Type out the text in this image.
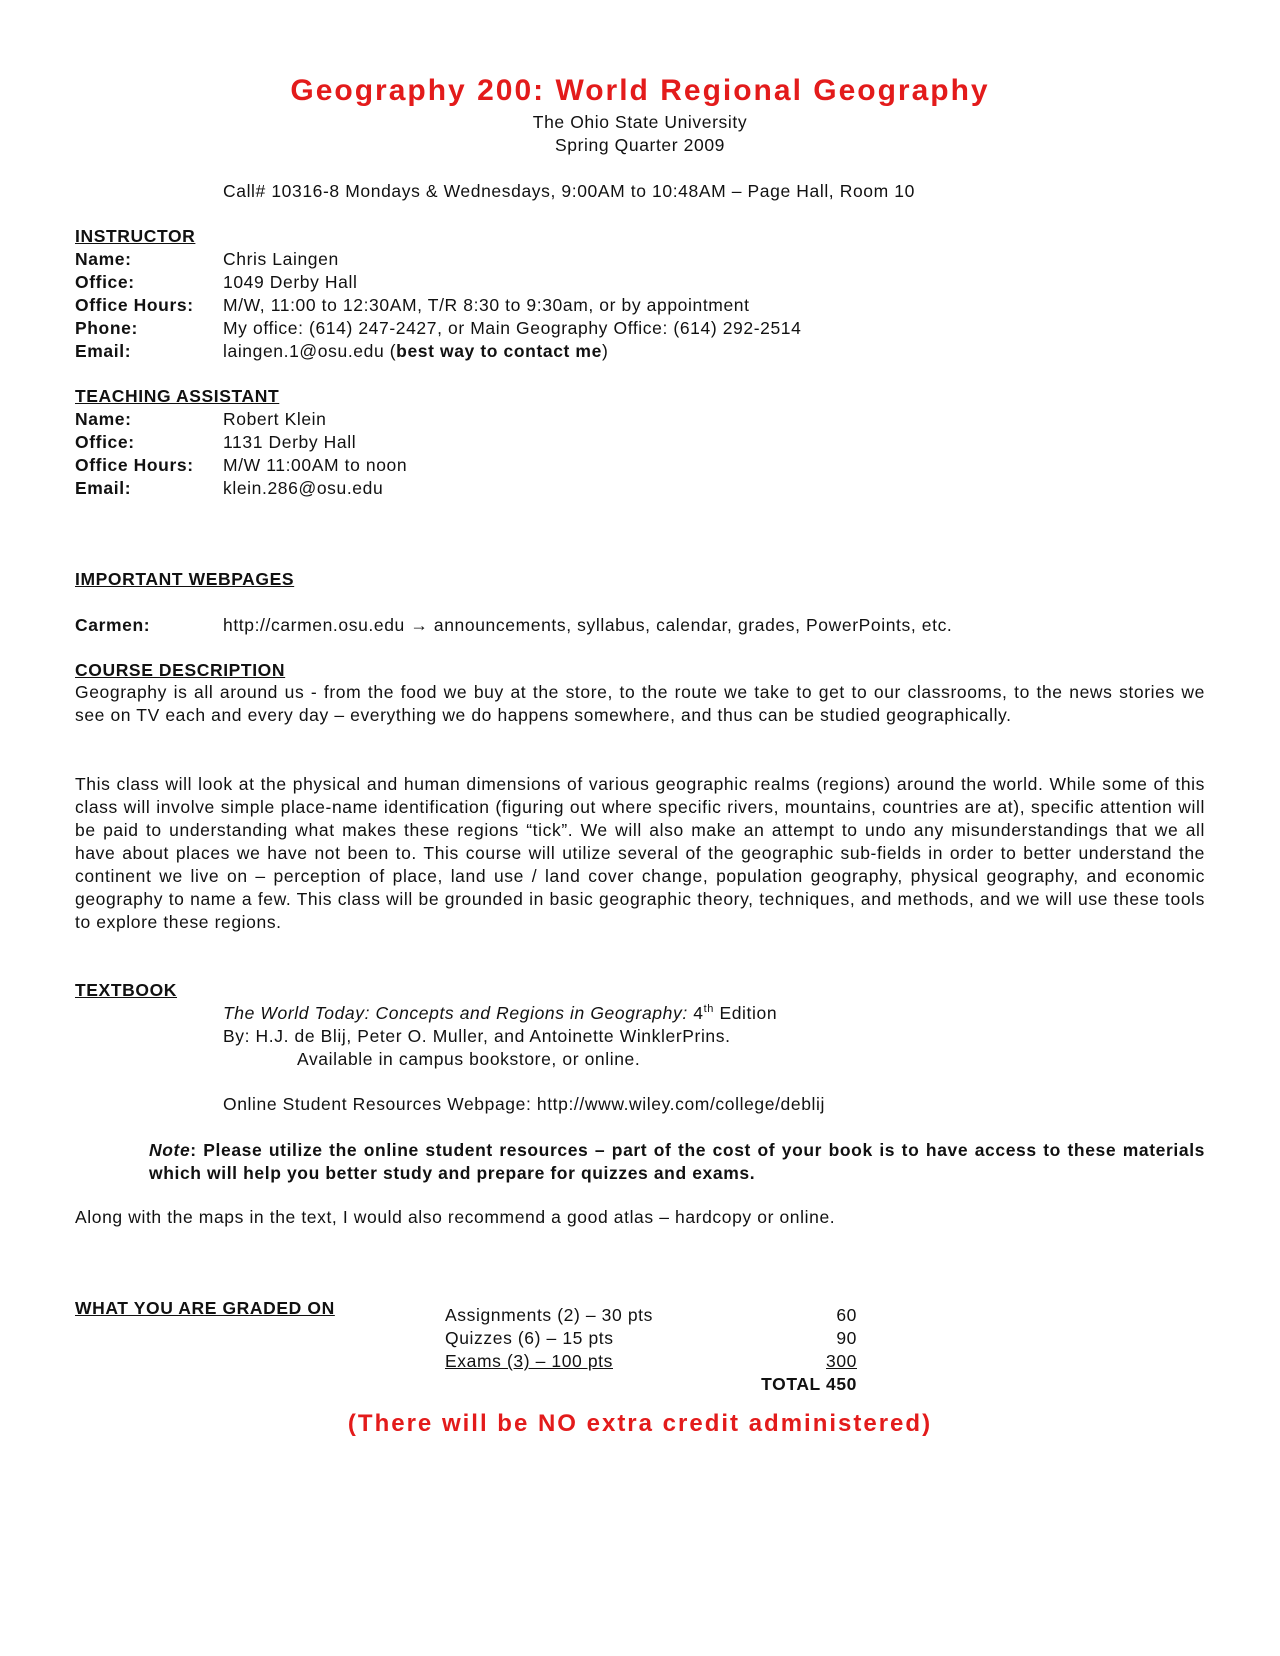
Geography 200: World Regional Geography
The Ohio State University
Spring Quarter 2009
Call# 10316-8 Mondays & Wednesdays, 9:00AM to 10:48AM – Page Hall, Room 10
INSTRUCTOR
Name:	Chris Laingen
Office:	1049 Derby Hall
Office Hours: M/W, 11:00 to 12:30AM, T/R 8:30 to 9:30am, or by appointment
Phone:	My office: (614) 247-2427, or Main Geography Office: (614) 292-2514
Email:	laingen.1@osu.edu (best way to contact me)
TEACHING ASSISTANT
Name:	Robert Klein
Office:	1131 Derby Hall
Office Hours: M/W 11:00AM to noon
Email:	klein.286@osu.edu
IMPORTANT WEBPAGES
Carmen:	http://carmen.osu.edu → announcements, syllabus, calendar, grades, PowerPoints, etc.
COURSE DESCRIPTION
Geography is all around us - from the food we buy at the store, to the route we take to get to our classrooms, to the news stories we see on TV each and every day – everything we do happens somewhere, and thus can be studied geographically.
This class will look at the physical and human dimensions of various geographic realms (regions) around the world. While some of this class will involve simple place-name identification (figuring out where specific rivers, mountains, countries are at), specific attention will be paid to understanding what makes these regions “tick”. We will also make an attempt to undo any misunderstandings that we all have about places we have not been to. This course will utilize several of the geographic sub-fields in order to better understand the continent we live on – perception of place, land use / land cover change, population geography, physical geography, and economic geography to name a few. This class will be grounded in basic geographic theory, techniques, and methods, and we will use these tools to explore these regions.
TEXTBOOK
The World Today: Concepts and Regions in Geography: 4th Edition
By: H.J. de Blij, Peter O. Muller, and Antoinette WinklerPrins.
Available in campus bookstore, or online.
Online Student Resources Webpage: http://www.wiley.com/college/deblij
Note: Please utilize the online student resources – part of the cost of your book is to have access to these materials which will help you better study and prepare for quizzes and exams.
Along with the maps in the text, I would also recommend a good atlas – hardcopy or online.
WHAT YOU ARE GRADED ON	Assignments (2) – 30 pts	60
Quizzes (6) – 15 pts	90
Exams (3) – 100 pts	300
TOTAL 450	
(There will be NO extra credit administered)
